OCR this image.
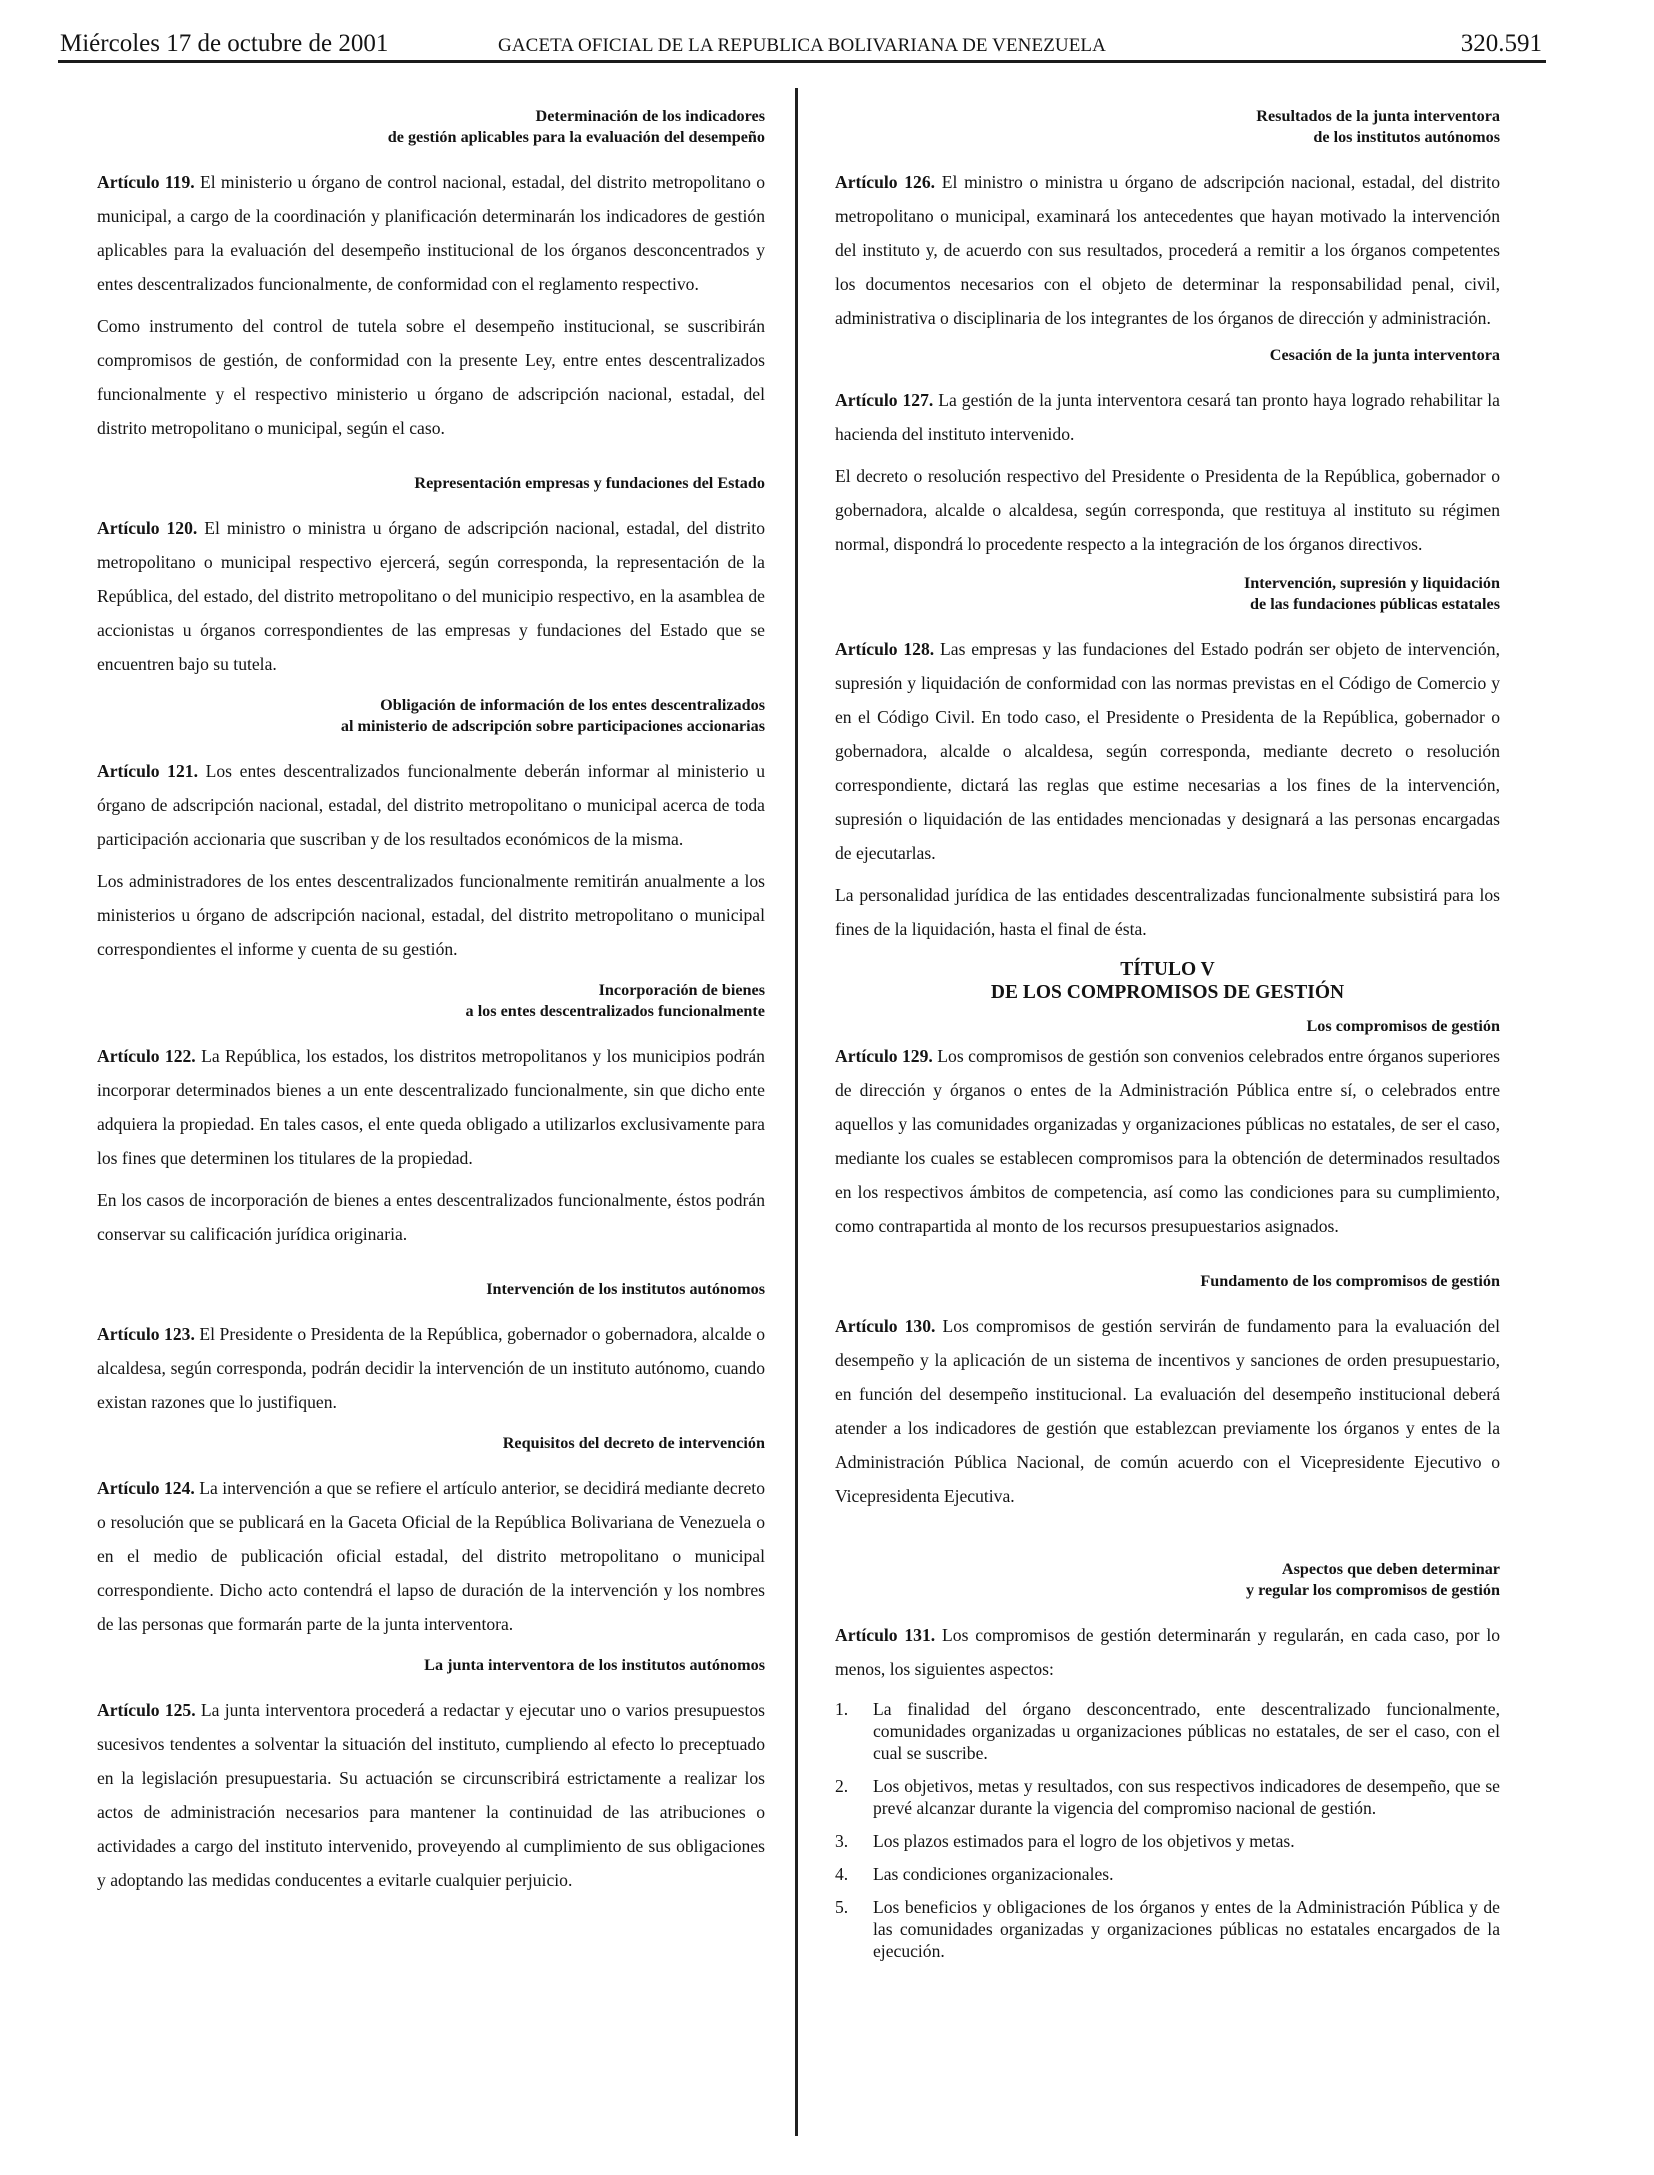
Miércoles 17 de octubre de 2001	GACETA OFICIAL DE LA REPUBLICA BOLIVARIANA DE VENEZUELA	320.591
Determinación de los indicadores
de gestión aplicables para la evaluación del desempeño

Artículo 119. El ministerio u órgano de control nacional, estadal, del distrito metropolitano o municipal, a cargo de la coordinación y planificación determinarán los indicadores de gestión aplicables para la evaluación del desempeño institucional de los órganos desconcentrados y entes descentralizados funcionalmente, de conformidad con el reglamento respectivo.

Como instrumento del control de tutela sobre el desempeño institucional, se suscribirán compromisos de gestión, de conformidad con la presente Ley, entre entes descentralizados funcionalmente y el respectivo ministerio u órgano de adscripción nacional, estadal, del distrito metropolitano o municipal, según el caso.

Representación empresas y fundaciones del Estado

Artículo 120. El ministro o ministra u órgano de adscripción nacional, estadal, del distrito metropolitano o municipal respectivo ejercerá, según corresponda, la representación de la República, del estado, del distrito metropolitano o del municipio respectivo, en la asamblea de accionistas u órganos correspondientes de las empresas y fundaciones del Estado que se encuentren bajo su tutela.

Obligación de información de los entes descentralizados
al ministerio de adscripción sobre participaciones accionarias

Artículo 121. Los entes descentralizados funcionalmente deberán informar al ministerio u órgano de adscripción nacional, estadal, del distrito metropolitano o municipal acerca de toda participación accionaria que suscriban y de los resultados económicos de la misma.

Los administradores de los entes descentralizados funcionalmente remitirán anualmente a los ministerios u órgano de adscripción nacional, estadal, del distrito metropolitano o municipal correspondientes el informe y cuenta de su gestión.

Incorporación de bienes
a los entes descentralizados funcionalmente

Artículo 122. La República, los estados, los distritos metropolitanos y los municipios podrán incorporar determinados bienes a un ente descentralizado funcionalmente, sin que dicho ente adquiera la propiedad. En tales casos, el ente queda obligado a utilizarlos exclusivamente para los fines que determinen los titulares de la propiedad.

En los casos de incorporación de bienes a entes descentralizados funcionalmente, éstos podrán conservar su calificación jurídica originaria.

Intervención de los institutos autónomos

Artículo 123. El Presidente o Presidenta de la República, gobernador o gobernadora, alcalde o alcaldesa, según corresponda, podrán decidir la intervención de un instituto autónomo, cuando existan razones que lo justifiquen.

Requisitos del decreto de intervención

Artículo 124. La intervención a que se refiere el artículo anterior, se decidirá mediante decreto o resolución que se publicará en la Gaceta Oficial de la República Bolivariana de Venezuela o en el medio de publicación oficial estadal, del distrito metropolitano o municipal correspondiente. Dicho acto contendrá el lapso de duración de la intervención y los nombres de las personas que formarán parte de la junta interventora.

La junta interventora de los institutos autónomos

Artículo 125. La junta interventora procederá a redactar y ejecutar uno o varios presupuestos sucesivos tendentes a solventar la situación del instituto, cumpliendo al efecto lo preceptuado en la legislación presupuestaria. Su actuación se circunscribirá estrictamente a realizar los actos de administración necesarios para mantener la continuidad de las atribuciones o actividades a cargo del instituto intervenido, proveyendo al cumplimiento de sus obligaciones y adoptando las medidas conducentes a evitarle cualquier perjuicio.

Resultados de la junta interventora
de los institutos autónomos

Artículo 126. El ministro o ministra u órgano de adscripción nacional, estadal, del distrito metropolitano o municipal, examinará los antecedentes que hayan motivado la intervención del instituto y, de acuerdo con sus resultados, procederá a remitir a los órganos competentes los documentos necesarios con el objeto de determinar la responsabilidad penal, civil, administrativa o disciplinaria de los integrantes de los órganos de dirección y administración.

Cesación de la junta interventora

Artículo 127. La gestión de la junta interventora cesará tan pronto haya logrado rehabilitar la hacienda del instituto intervenido.

El decreto o resolución respectivo del Presidente o Presidenta de la República, gobernador o gobernadora, alcalde o alcaldesa, según corresponda, que restituya al instituto su régimen normal, dispondrá lo procedente respecto a la integración de los órganos directivos.

Intervención, supresión y liquidación
de las fundaciones públicas estatales

Artículo 128. Las empresas y las fundaciones del Estado podrán ser objeto de intervención, supresión y liquidación de conformidad con las normas previstas en el Código de Comercio y en el Código Civil. En todo caso, el Presidente o Presidenta de la República, gobernador o gobernadora, alcalde o alcaldesa, según corresponda, mediante decreto o resolución correspondiente, dictará las reglas que estime necesarias a los fines de la intervención, supresión o liquidación de las entidades mencionadas y designará a las personas encargadas de ejecutarlas.

La personalidad jurídica de las entidades descentralizadas funcionalmente subsistirá para los fines de la liquidación, hasta el final de ésta.

TÍTULO V
DE LOS COMPROMISOS DE GESTIÓN
Los compromisos de gestión

Artículo 129. Los compromisos de gestión son convenios celebrados entre órganos superiores de dirección y órganos o entes de la Administración Pública entre sí, o celebrados entre aquellos y las comunidades organizadas y organizaciones públicas no estatales, de ser el caso, mediante los cuales se establecen compromisos para la obtención de determinados resultados en los respectivos ámbitos de competencia, así como las condiciones para su cumplimiento, como contrapartida al monto de los recursos presupuestarios asignados.

Fundamento de los compromisos de gestión

Artículo 130. Los compromisos de gestión servirán de fundamento para la evaluación del desempeño y la aplicación de un sistema de incentivos y sanciones de orden presupuestario, en función del desempeño institucional. La evaluación del desempeño institucional deberá atender a los indicadores de gestión que establezcan previamente los órganos y entes de la Administración Pública Nacional, de común acuerdo con el Vicepresidente Ejecutivo o Vicepresidenta Ejecutiva.

Aspectos que deben determinar
y regular los compromisos de gestión

Artículo 131. Los compromisos de gestión determinarán y regularán, en cada caso, por lo menos, los siguientes aspectos:

1. La finalidad del órgano desconcentrado, ente descentralizado funcionalmente, comunidades organizadas u organizaciones públicas no estatales, de ser el caso, con el cual se suscribe.
2. Los objetivos, metas y resultados, con sus respectivos indicadores de desempeño, que se prevé alcanzar durante la vigencia del compromiso nacional de gestión.
3. Los plazos estimados para el logro de los objetivos y metas.
4. Las condiciones organizacionales.
5. Los beneficios y obligaciones de los órganos y entes de la Administración Pública y de las comunidades organizadas y organizaciones públicas no estatales encargados de la ejecución.
